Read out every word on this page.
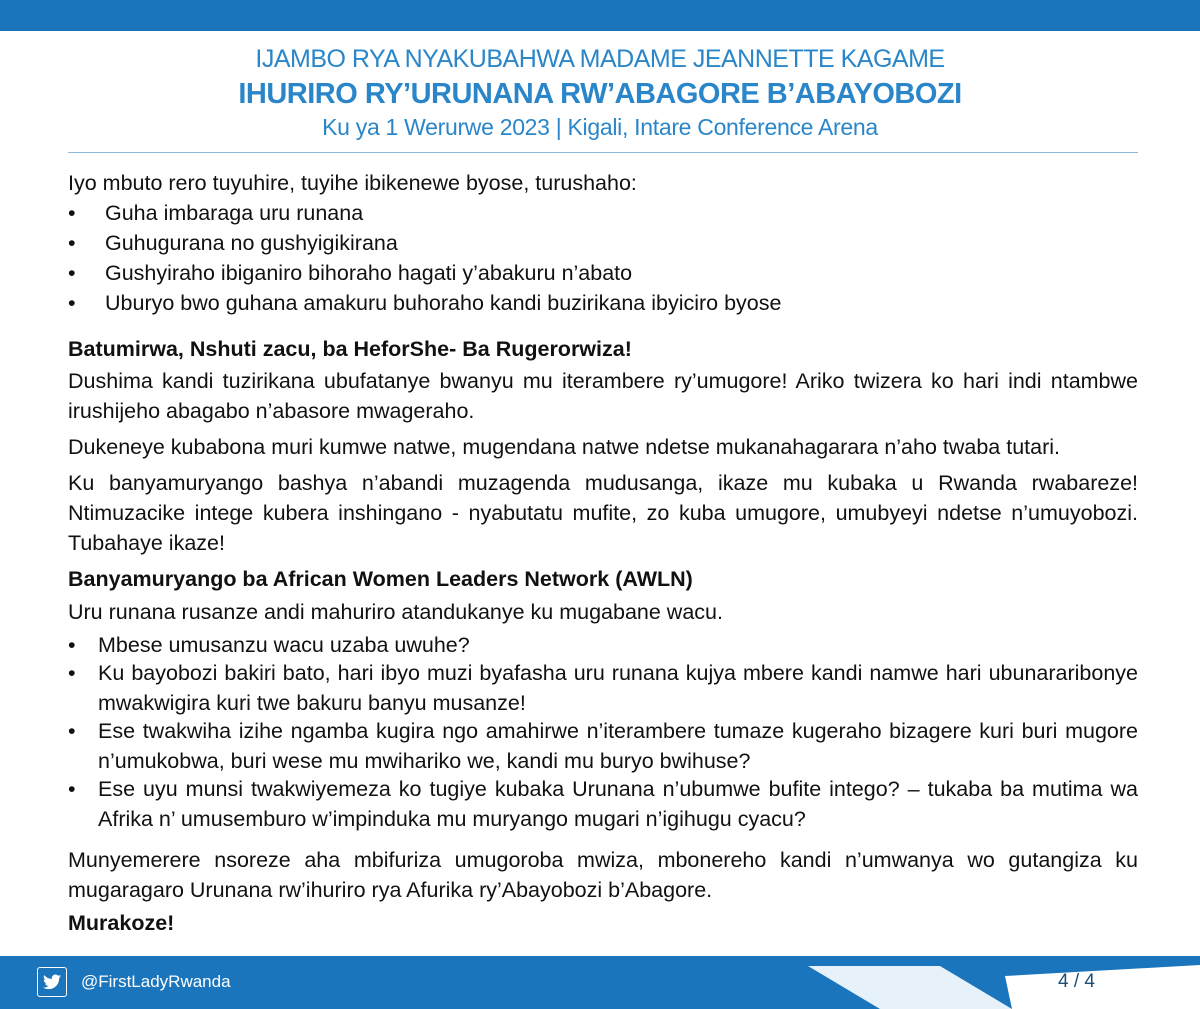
IJAMBO RYA NYAKUBAHWA MADAME JEANNETTE KAGAME
IHURIRO RY’URUNANA RW’ABAGORE B’ABAYOBOZI
Ku ya 1 Werurwe 2023 | Kigali, Intare Conference Arena

Iyo mbuto rero tuyuhire, tuyihe ibikenewe byose, turushaho:

• Guha imbaraga uru runana
• Guhugurana no gushyigikirana
• Gushyiraho ibiganiro bihoraho hagati y’abakuru n’abato
• Uburyo bwo guhana amakuru buhoraho kandi buzirikana ibyiciro byose

Batumirwa, Nshuti zacu, ba HeforShe- Ba Rugerorwiza!

Dushima kandi tuzirikana ubufatanye bwanyu mu iterambere ry’umugore! Ariko twizera ko hari indi ntambwe irushijeho abagabo n’abasore mwageraho.

Dukeneye kubabona muri kumwe natwe, mugendana natwe ndetse mukanahagarara n’aho twaba tutari.

Ku banyamuryango bashya n’abandi muzagenda mudusanga, ikaze mu kubaka u Rwanda rwabareze! Ntimuzacike intege kubera inshingano - nyabutatu mufite, zo kuba umugore, umubyeyi ndetse n’umuyobozi. Tubahaye ikaze!

Banyamuryango ba African Women Leaders Network (AWLN)

Uru runana rusanze andi mahuriro atandukanye ku mugabane wacu.

• Mbese umusanzu wacu uzaba uwuhe?
• Ku bayobozi bakiri bato, hari ibyo muzi byafasha uru runana kujya mbere kandi namwe hari ubunararibonye mwakwigira kuri twe bakuru banyu musanze!
• Ese twakwiha izihe ngamba kugira ngo amahirwe n’iterambere tumaze kugeraho bizagere kuri buri mugore n’umukobwa, buri wese mu mwihariko we, kandi mu buryo bwihuse?
• Ese uyu munsi twakwiyemeza ko tugiye kubaka Urunana n’ubumwe bufite intego? – tukaba ba mutima wa Afrika n’ umusemburo w’impinduka mu muryango mugari n’igihugu cyacu?

Munyemerere nsoreze aha mbifuriza umugoroba mwiza, mbonereho kandi n’umwanya wo gutangiza ku mugaragaro Urunana rw’ihuriro rya Afurika ry’Abayobozi b’Abagore.

Murakoze!

@FirstLadyRwanda	4 / 4
